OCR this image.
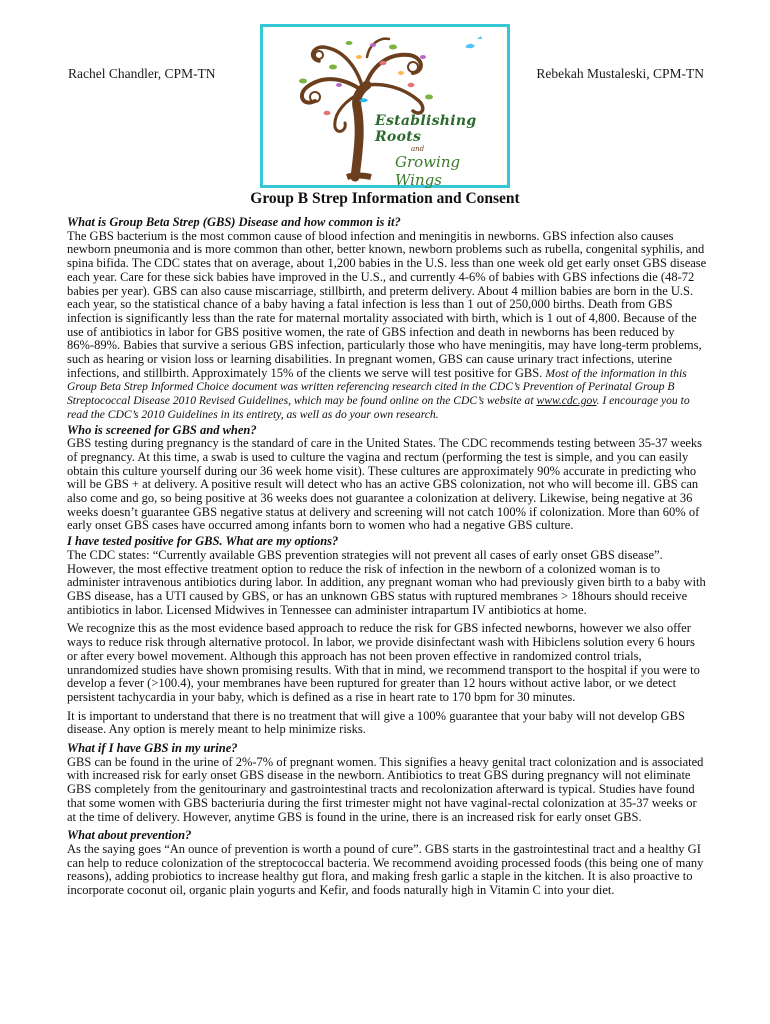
Rachel Chandler, CPM-TN	Rebekah Mustaleski, CPM-TN
Establishing Roots
and
Growing Wings
Group B Strep Information and Consent

What is Group Beta Strep (GBS) Disease and how common is it?

The GBS bacterium is the most common cause of blood infection and meningitis in newborns. GBS infection also causes newborn pneumonia and is more common than other, better known, newborn problems such as rubella, congenital syphilis, and spina bifida. The CDC states that on average, about 1,200 babies in the U.S. less than one week old get early onset GBS disease each year. Care for these sick babies have improved in the U.S., and currently 4-6% of babies with GBS infections die (48-72 babies per year). GBS can also cause miscarriage, stillbirth, and preterm delivery. About 4 million babies are born in the U.S. each year, so the statistical chance of a baby having a fatal infection is less than 1 out of 250,000 births. Death from GBS infection is significantly less than the rate for maternal mortality associated with birth, which is 1 out of 4,800. Because of the use of antibiotics in labor for GBS positive women, the rate of GBS infection and death in newborns has been reduced by 86%-89%. Babies that survive a serious GBS infection, particularly those who have meningitis, may have long-term problems, such as hearing or vision loss or learning disabilities. In pregnant women, GBS can cause urinary tract infections, uterine infections, and stillbirth. Approximately 15% of the clients we serve will test positive for GBS. Most of the information in this Group Beta Strep Informed Choice document was written referencing research cited in the CDC’s Prevention of Perinatal Group B Streptococcal Disease 2010 Revised Guidelines, which may be found online on the CDC’s website at www.cdc.gov. I encourage you to read the CDC’s 2010 Guidelines in its entirety, as well as do your own research.

Who is screened for GBS and when?

GBS testing during pregnancy is the standard of care in the United States. The CDC recommends testing between 35-37 weeks of pregnancy. At this time, a swab is used to culture the vagina and rectum (performing the test is simple, and you can easily obtain this culture yourself during our 36 week home visit). These cultures are approximately 90% accurate in predicting who will be GBS + at delivery. A positive result will detect who has an active GBS colonization, not who will become ill. GBS can also come and go, so being positive at 36 weeks does not guarantee a colonization at delivery. Likewise, being negative at 36 weeks doesn’t guarantee GBS negative status at delivery and screening will not catch 100% if colonization. More than 60% of early onset GBS cases have occurred among infants born to women who had a negative GBS culture.

I have tested positive for GBS. What are my options?

The CDC states: “Currently available GBS prevention strategies will not prevent all cases of early onset GBS disease”. However, the most effective treatment option to reduce the risk of infection in the newborn of a colonized woman is to administer intravenous antibiotics during labor. In addition, any pregnant woman who had previously given birth to a baby with GBS disease, has a UTI caused by GBS, or has an unknown GBS status with ruptured membranes > 18hours should receive antibiotics in labor. Licensed Midwives in Tennessee can administer intrapartum IV antibiotics at home.

We recognize this as the most evidence based approach to reduce the risk for GBS infected newborns, however we also offer ways to reduce risk through alternative protocol. In labor, we provide disinfectant wash with Hibiclens solution every 6 hours or after every bowel movement. Although this approach has not been proven effective in randomized control trials, unrandomized studies have shown promising results. With that in mind, we recommend transport to the hospital if you were to develop a fever (>100.4), your membranes have been ruptured for greater than 12 hours without active labor, or we detect persistent tachycardia in your baby, which is defined as a rise in heart rate to 170 bpm for 30 minutes.

It is important to understand that there is no treatment that will give a 100% guarantee that your baby will not develop GBS disease. Any option is merely meant to help minimize risks.

What if I have GBS in my urine?

GBS can be found in the urine of 2%-7% of pregnant women. This signifies a heavy genital tract colonization and is associated with increased risk for early onset GBS disease in the newborn. Antibiotics to treat GBS during pregnancy will not eliminate GBS completely from the genitourinary and gastrointestinal tracts and recolonization afterward is typical. Studies have found that some women with GBS bacteriuria during the first trimester might not have vaginal-rectal colonization at 35-37 weeks or at the time of delivery. However, anytime GBS is found in the urine, there is an increased risk for early onset GBS.

What about prevention?

As the saying goes “An ounce of prevention is worth a pound of cure”. GBS starts in the gastrointestinal tract and a healthy GI can help to reduce colonization of the streptococcal bacteria. We recommend avoiding processed foods (this being one of many reasons), adding probiotics to increase healthy gut flora, and making fresh garlic a staple in the kitchen. It is also proactive to incorporate coconut oil, organic plain yogurts and Kefir, and foods naturally high in Vitamin C into your diet.
